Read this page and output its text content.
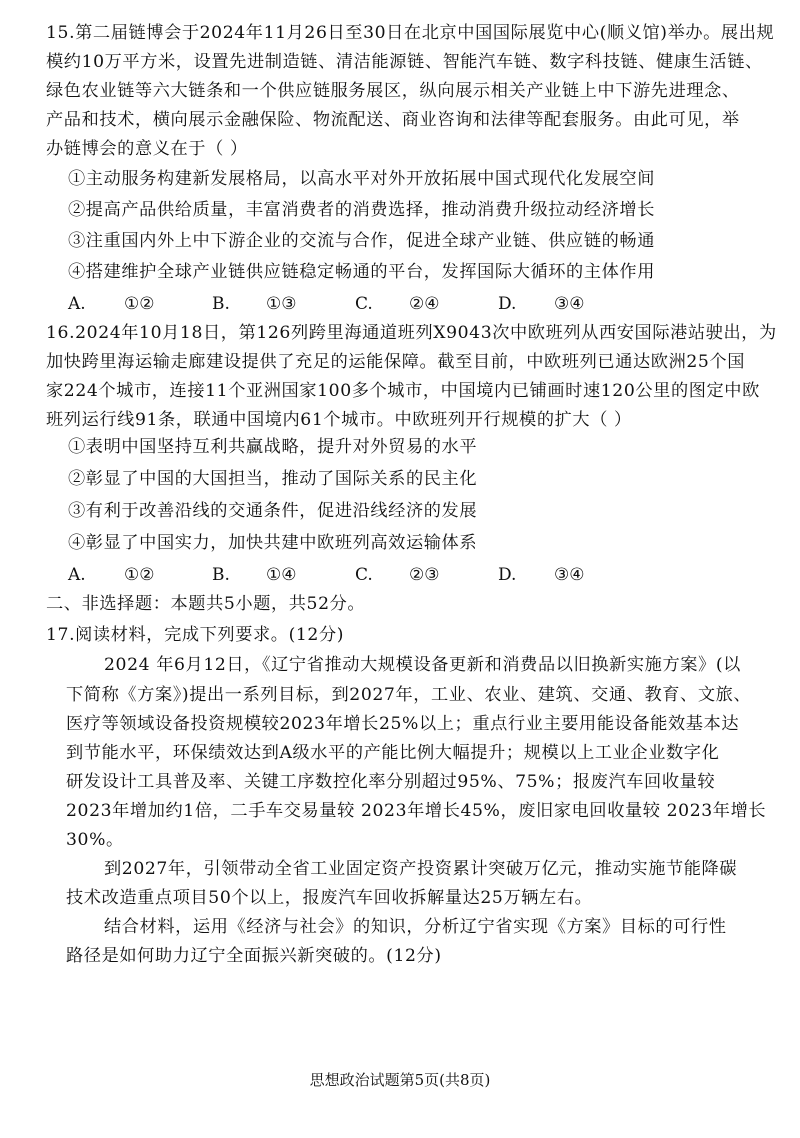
15.第二届链博会于2024年11月26日至30日在北京中国国际展览中心(顺义馆)举办。展出规
模约10万平方米，设置先进制造链、清洁能源链、智能汽车链、数字科技链、健康生活链、
绿色农业链等六大链条和一个供应链服务展区，纵向展示相关产业链上中下游先进理念、
产品和技术，横向展示金融保险、物流配送、商业咨询和法律等配套服务。由此可见，举
办链博会的意义在于（ ）
①主动服务构建新发展格局，以高水平对外开放拓展中国式现代化发展空间
②提高产品供给质量，丰富消费者的消费选择，推动消费升级拉动经济增长
③注重国内外上中下游企业的交流与合作，促进全球产业链、供应链的畅通
④搭建维护全球产业链供应链稳定畅通的平台，发挥国际大循环的主体作用
A. ①②	B. ①③	C. ②④	D. ③④
16.2024年10月18日，第126列跨里海通道班列X9043次中欧班列从西安国际港站驶出，为
加快跨里海运输走廊建设提供了充足的运能保障。截至目前，中欧班列已通达欧洲25个国
家224个城市，连接11个亚洲国家100多个城市，中国境内已铺画时速120公里的图定中欧
班列运行线91条，联通中国境内61个城市。中欧班列开行规模的扩大（ ）
①表明中国坚持互利共赢战略，提升对外贸易的水平
②彰显了中国的大国担当，推动了国际关系的民主化
③有利于改善沿线的交通条件，促进沿线经济的发展
④彰显了中国实力，加快共建中欧班列高效运输体系
A. ①②	B. ①④	C. ②③	D. ③④
二、非选择题：本题共5小题，共52分。
17.阅读材料，完成下列要求。(12分)
2024 年6月12日，《辽宁省推动大规模设备更新和消费品以旧换新实施方案》(以
下简称《方案》)提出一系列目标，到2027年，工业、农业、建筑、交通、教育、文旅、
医疗等领域设备投资规模较2023年增长25%以上；重点行业主要用能设备能效基本达
到节能水平，环保绩效达到A级水平的产能比例大幅提升；规模以上工业企业数字化
研发设计工具普及率、关键工序数控化率分别超过95%、75%；报废汽车回收量较
2023年增加约1倍，二手车交易量较 2023年增长45%，废旧家电回收量较 2023年增长
30%。
到2027年，引领带动全省工业固定资产投资累计突破万亿元，推动实施节能降碳
技术改造重点项目50个以上，报废汽车回收拆解量达25万辆左右。
结合材料，运用《经济与社会》的知识，分析辽宁省实现《方案》目标的可行性
路径是如何助力辽宁全面振兴新突破的。(12分)
思想政治试题第5页(共8页)
